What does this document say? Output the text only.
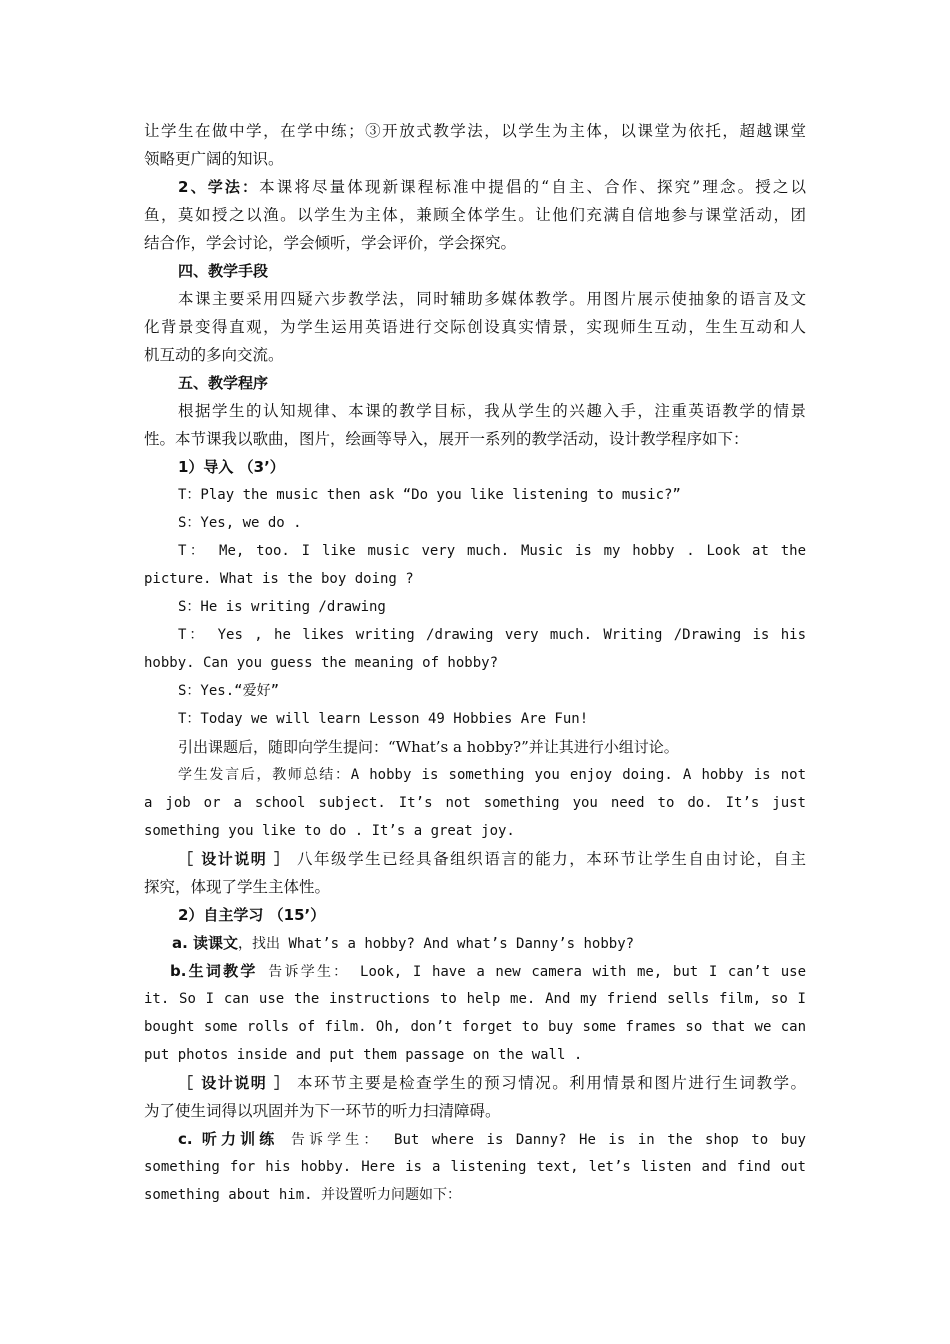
让学生在做中学，在学中练；③开放式教学法，以学生为主体，以课堂为依托，超越课堂
领略更广阔的知识。
2、学法：本课将尽量体现新课程标准中提倡的“自主、合作、探究”理念。授之以
鱼，莫如授之以渔。以学生为主体，兼顾全体学生。让他们充满自信地参与课堂活动，团
结合作，学会讨论，学会倾听，学会评价，学会探究。
四、教学手段
本课主要采用四疑六步教学法，同时辅助多媒体教学。用图片展示使抽象的语言及文
化背景变得直观，为学生运用英语进行交际创设真实情景，实现师生互动，生生互动和人
机互动的多向交流。
五、教学程序
根据学生的认知规律、本课的教学目标，我从学生的兴趣入手，注重英语教学的情景
性。本节课我以歌曲，图片，绘画等导入，展开一系列的教学活动，设计教学程序如下：
1）导入 （3’）
T：Play the music then ask “Do you like listening to music?”
S：Yes, we do .
T： Me, too. I like music very much. Music is my hobby . Look at the
picture. What is the boy doing ?
S：He is writing /drawing
T： Yes , he likes writing /drawing very much. Writing /Drawing is his
hobby. Can you guess the meaning of hobby?
S：Yes.“爱好”
T：Today we will learn Lesson 49 Hobbies Are Fun!
引出课题后，随即向学生提问：“What’s a hobby?”并让其进行小组讨论。
学生发言后，教师总结：A hobby is something you enjoy doing. A hobby is not
a job or a school subject. It’s not something you need to do. It’s just
something you like to do . It’s a great joy.
［ 设计说明 ］ 八年级学生已经具备组织语言的能力，本环节让学生自由讨论，自主
探究，体现了学生主体性。
2）自主学习 （15’）
a. 读课文，找出 What’s a hobby? And what’s Danny’s hobby?
b.生词教学 告诉学生： Look, I have a new camera with me, but I can’t use
it. So I can use the instructions to help me. And my friend sells film, so I
bought some rolls of film. Oh, don’t forget to buy some frames so that we can
put photos inside and put them passage on the wall .
［ 设计说明 ］ 本环节主要是检查学生的预习情况。利用情景和图片进行生词教学。
为了使生词得以巩固并为下一环节的听力扫清障碍。
c. 听力训练 告诉学生： But where is Danny? He is in the shop to buy
something for his hobby. Here is a listening text, let’s listen and find out
something about him. 并设置听力问题如下：
